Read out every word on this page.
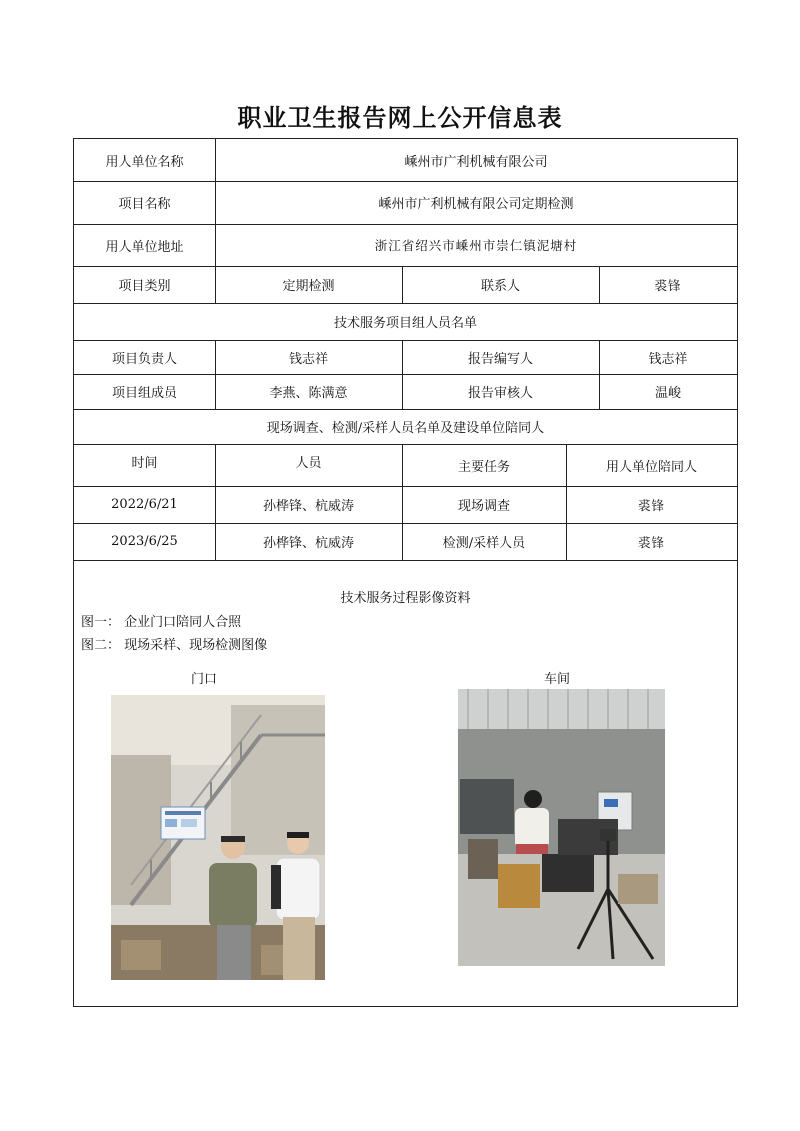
职业卫生报告网上公开信息表
用人单位名称	嵊州市广利机械有限公司
项目名称	嵊州市广利机械有限公司定期检测
用人单位地址	浙江省绍兴市嵊州市崇仁镇泥塘村
项目类别	定期检测	联系人	裘锋
技术服务项目组人员名单
项目负责人	钱志祥	报告编写人	钱志祥
项目组成员	李燕、陈满意	报告审核人	温峻
现场调查、检测/采样人员名单及建设单位陪同人
时间	人员	主要任务	用人单位陪同人
2022/6/21	孙桦锋、杭威涛	现场调查	裘锋
2023/6/25	孙桦锋、杭威涛	检测/采样人员	裘锋
技术服务过程影像资料
图一： 企业门口陪同人合照
图二： 现场采样、现场检测图像
门口	车间
